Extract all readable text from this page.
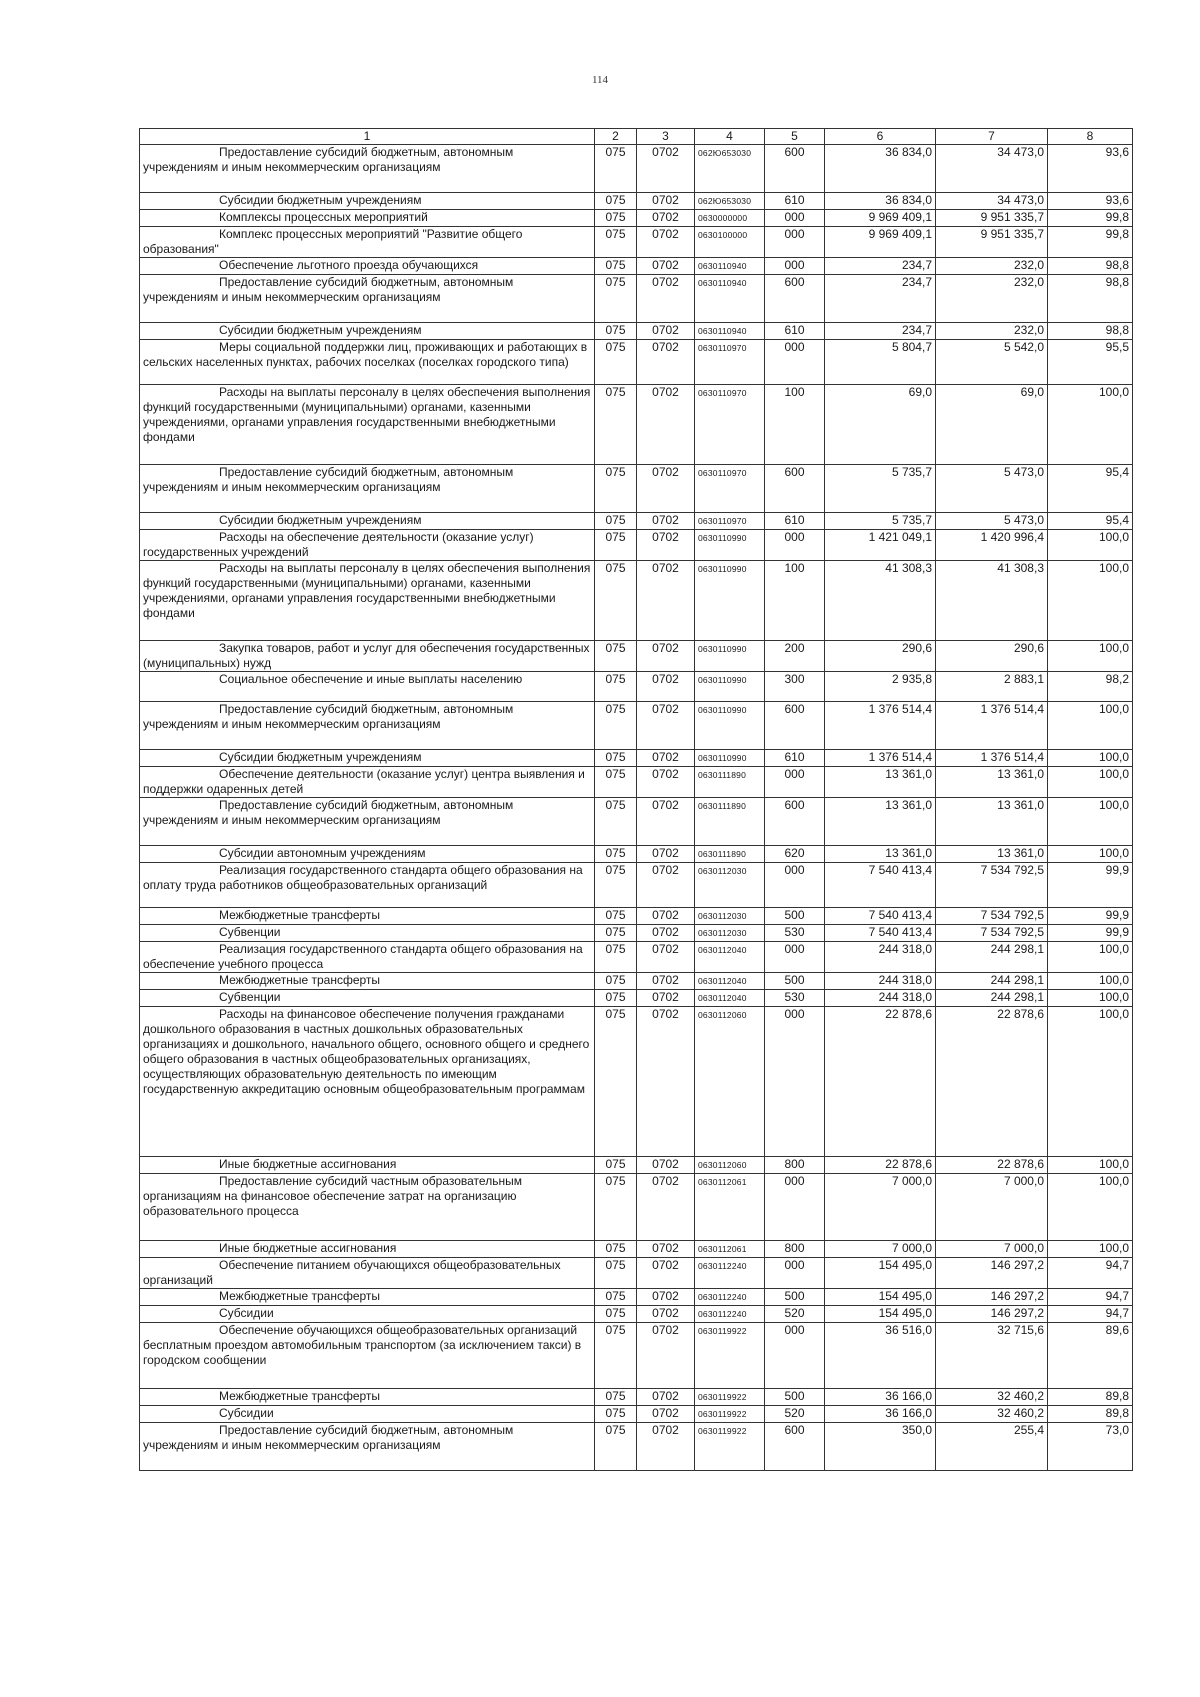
114
1	2	3	4	5	6	7	8
Предоставление субсидий бюджетным, автономным учреждениям и иным некоммерческим организациям	075	0702	062Ю653030	600	36 834,0	34 473,0	93,6
Субсидии бюджетным учреждениям	075	0702	062Ю653030	610	36 834,0	34 473,0	93,6
Комплексы процессных мероприятий	075	0702	0630000000	000	9 969 409,1	9 951 335,7	99,8
Комплекс процессных мероприятий "Развитие общего образования"	075	0702	0630100000	000	9 969 409,1	9 951 335,7	99,8
Обеспечение льготного проезда обучающихся	075	0702	0630110940	000	234,7	232,0	98,8
Предоставление субсидий бюджетным, автономным учреждениям и иным некоммерческим организациям	075	0702	0630110940	600	234,7	232,0	98,8
Субсидии бюджетным учреждениям	075	0702	0630110940	610	234,7	232,0	98,8
Меры социальной поддержки лиц, проживающих и работающих в сельских населенных пунктах, рабочих поселках (поселках городского типа)	075	0702	0630110970	000	5 804,7	5 542,0	95,5
Расходы на выплаты персоналу в целях обеспечения выполнения функций государственными (муниципальными) органами, казенными учреждениями, органами управления государственными внебюджетными фондами	075	0702	0630110970	100	69,0	69,0	100,0
Предоставление субсидий бюджетным, автономным учреждениям и иным некоммерческим организациям	075	0702	0630110970	600	5 735,7	5 473,0	95,4
Субсидии бюджетным учреждениям	075	0702	0630110970	610	5 735,7	5 473,0	95,4
Расходы на обеспечение деятельности (оказание услуг) государственных учреждений	075	0702	0630110990	000	1 421 049,1	1 420 996,4	100,0
Расходы на выплаты персоналу в целях обеспечения выполнения функций государственными (муниципальными) органами, казенными учреждениями, органами управления государственными внебюджетными фондами	075	0702	0630110990	100	41 308,3	41 308,3	100,0
Закупка товаров, работ и услуг для обеспечения государственных (муниципальных) нужд	075	0702	0630110990	200	290,6	290,6	100,0
Социальное обеспечение и иные выплаты населению	075	0702	0630110990	300	2 935,8	2 883,1	98,2
Предоставление субсидий бюджетным, автономным учреждениям и иным некоммерческим организациям	075	0702	0630110990	600	1 376 514,4	1 376 514,4	100,0
Субсидии бюджетным учреждениям	075	0702	0630110990	610	1 376 514,4	1 376 514,4	100,0
Обеспечение деятельности (оказание услуг) центра выявления и поддержки одаренных детей	075	0702	0630111890	000	13 361,0	13 361,0	100,0
Предоставление субсидий бюджетным, автономным учреждениям и иным некоммерческим организациям	075	0702	0630111890	600	13 361,0	13 361,0	100,0
Субсидии автономным учреждениям	075	0702	0630111890	620	13 361,0	13 361,0	100,0
Реализация государственного стандарта общего образования на оплату труда работников общеобразовательных организаций	075	0702	0630112030	000	7 540 413,4	7 534 792,5	99,9
Межбюджетные трансферты	075	0702	0630112030	500	7 540 413,4	7 534 792,5	99,9
Субвенции	075	0702	0630112030	530	7 540 413,4	7 534 792,5	99,9
Реализация государственного стандарта общего образования на обеспечение учебного процесса	075	0702	0630112040	000	244 318,0	244 298,1	100,0
Межбюджетные трансферты	075	0702	0630112040	500	244 318,0	244 298,1	100,0
Субвенции	075	0702	0630112040	530	244 318,0	244 298,1	100,0
Расходы на финансовое обеспечение получения гражданами дошкольного образования в частных дошкольных образовательных организациях и дошкольного, начального общего, основного общего и среднего общего образования в частных общеобразовательных организациях, осуществляющих образовательную деятельность по имеющим государственную аккредитацию основным общеобразовательным программам	075	0702	0630112060	000	22 878,6	22 878,6	100,0
Иные бюджетные ассигнования	075	0702	0630112060	800	22 878,6	22 878,6	100,0
Предоставление субсидий частным образовательным организациям на финансовое обеспечение затрат на организацию образовательного процесса	075	0702	0630112061	000	7 000,0	7 000,0	100,0
Иные бюджетные ассигнования	075	0702	0630112061	800	7 000,0	7 000,0	100,0
Обеспечение питанием обучающихся общеобразовательных организаций	075	0702	0630112240	000	154 495,0	146 297,2	94,7
Межбюджетные трансферты	075	0702	0630112240	500	154 495,0	146 297,2	94,7
Субсидии	075	0702	0630112240	520	154 495,0	146 297,2	94,7
Обеспечение обучающихся общеобразовательных организаций бесплатным проездом автомобильным транспортом (за исключением такси) в городском сообщении	075	0702	0630119922	000	36 516,0	32 715,6	89,6
Межбюджетные трансферты	075	0702	0630119922	500	36 166,0	32 460,2	89,8
Субсидии	075	0702	0630119922	520	36 166,0	32 460,2	89,8
Предоставление субсидий бюджетным, автономным учреждениям и иным некоммерческим организациям	075	0702	0630119922	600	350,0	255,4	73,0
